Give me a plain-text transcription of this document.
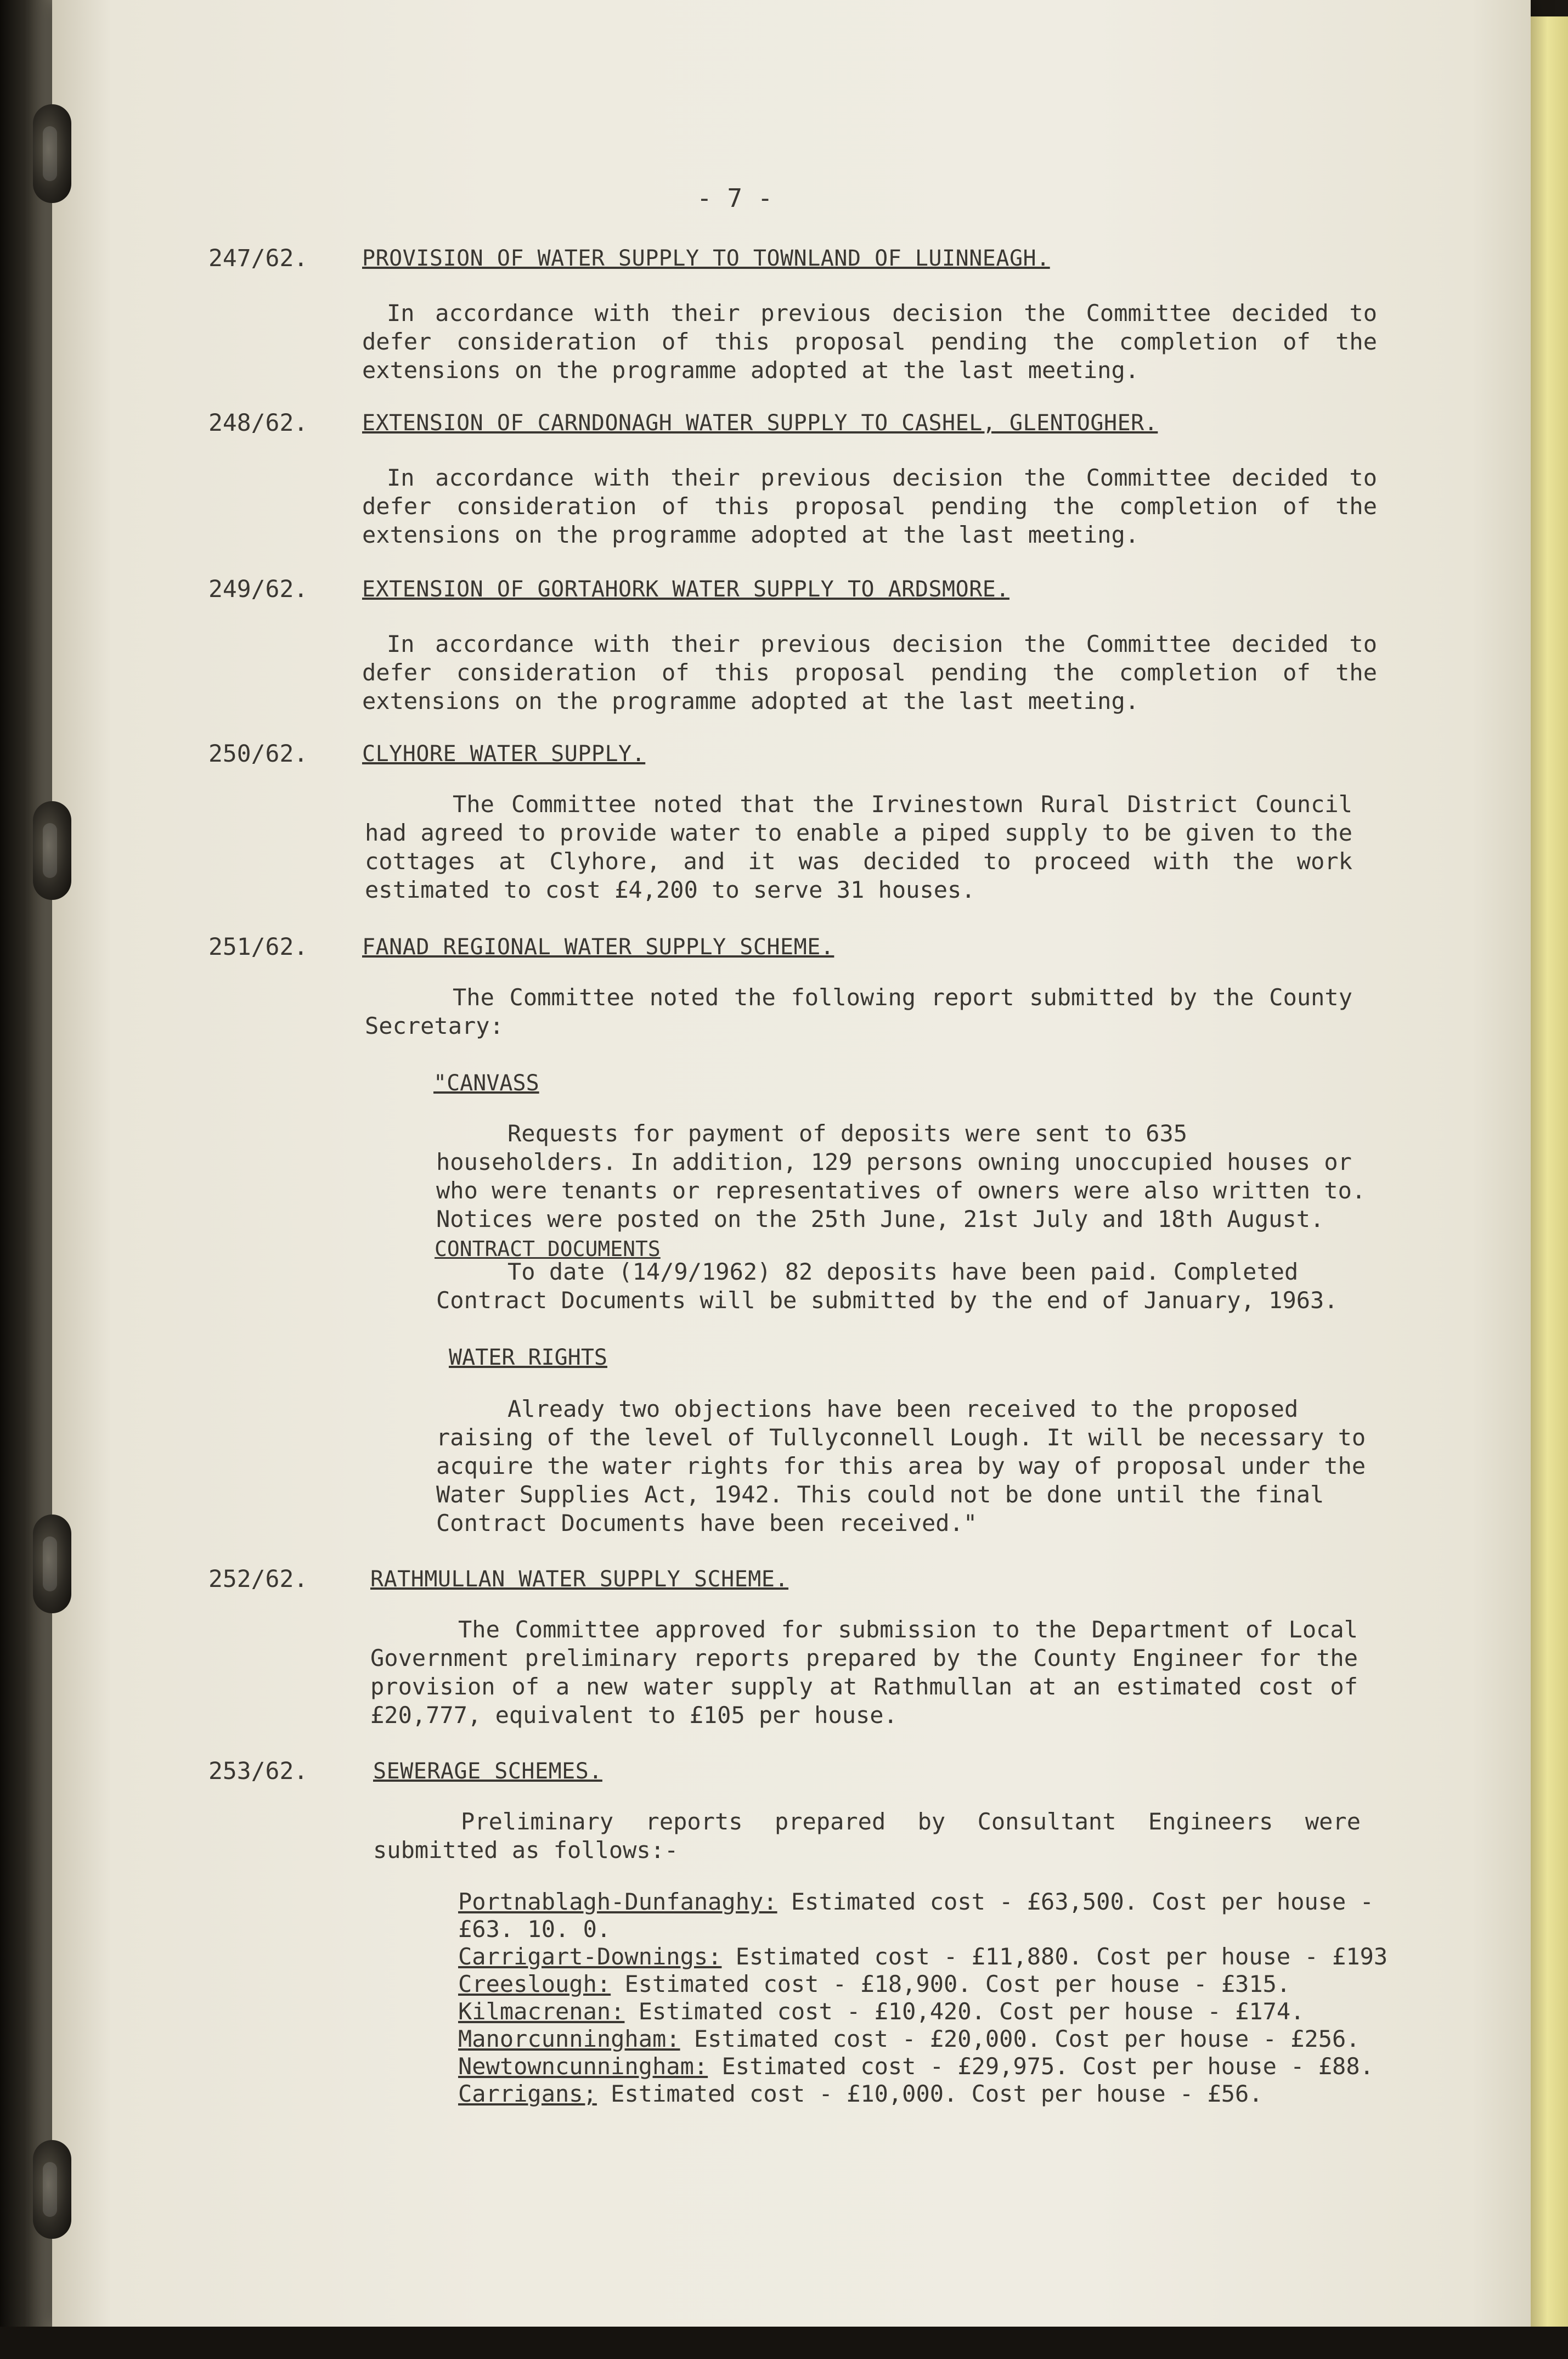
- 7 -
247/62. PROVISION OF WATER SUPPLY TO TOWNLAND OF LUINNEAGH.

In accordance with their previous decision the Committee decided to defer consideration of this proposal pending the completion of the extensions on the programme adopted at the last meeting.

248/62. EXTENSION OF CARNDONAGH WATER SUPPLY TO CASHEL, GLENTOGHER.

In accordance with their previous decision the Committee decided to defer consideration of this proposal pending the completion of the extensions on the programme adopted at the last meeting.

249/62. EXTENSION OF GORTAHORK WATER SUPPLY TO ARDSMORE.

In accordance with their previous decision the Committee decided to defer consideration of this proposal pending the completion of the extensions on the programme adopted at the last meeting.

250/62. CLYHORE WATER SUPPLY.

The Committee noted that the Irvinestown Rural District Council had agreed to provide water to enable a piped supply to be given to the cottages at Clyhore, and it was decided to proceed with the work estimated to cost £4,200 to serve 31 houses.

251/62. FANAD REGIONAL WATER SUPPLY SCHEME.

The Committee noted the following report submitted by the County Secretary:

"CANVASS

Requests for payment of deposits were sent to 635 householders. In addition, 129 persons owning unoccupied houses or who were tenants or representatives of owners were also written to. Notices were posted on the 25th June, 21st July and 18th August.

CONTRACT DOCUMENTS

To date (14/9/1962) 82 deposits have been paid. Completed Contract Documents will be submitted by the end of January, 1963.

WATER RIGHTS

Already two objections have been received to the proposed raising of the level of Tullyconnell Lough. It will be necessary to acquire the water rights for this area by way of proposal under the Water Supplies Act, 1942. This could not be done until the final Contract Documents have been received."

252/62.	RATHMULLAN WATER SUPPLY SCHEME.

The Committee approved for submission to the Department of Local Government preliminary reports prepared by the County Engineer for the provision of a new water supply at Rathmullan at an estimated cost of £20,777, equivalent to £105 per house.

253/62.	SEWERAGE SCHEMES.

Preliminary reports prepared by Consultant Engineers were submitted as follows:-

Portnablagh-Dunfanaghy: Estimated cost - £63,500. Cost per house -
£63. 10. 0.
Carrigart-Downings: Estimated cost - £11,880. Cost per house - £193
Creeslough: Estimated cost - £18,900. Cost per house - £315.
Kilmacrenan: Estimated cost - £10,420. Cost per house - £174.
Manorcunningham: Estimated cost - £20,000. Cost per house - £256.
Newtowncunningham: Estimated cost - £29,975. Cost per house - £88.
Carrigans; Estimated cost - £10,000. Cost per house - £56.
